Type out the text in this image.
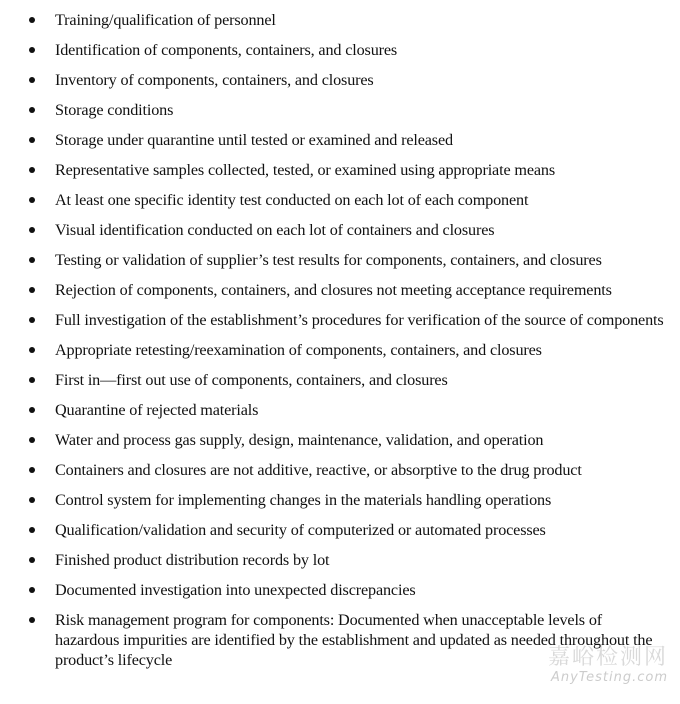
Training/qualification of personnel
Identification of components, containers, and closures
Inventory of components, containers, and closures
Storage conditions
Storage under quarantine until tested or examined and released
Representative samples collected, tested, or examined using appropriate means
At least one specific identity test conducted on each lot of each component
Visual identification conducted on each lot of containers and closures
Testing or validation of supplier’s test results for components, containers, and closures
Rejection of components, containers, and closures not meeting acceptance requirements
Full investigation of the establishment’s procedures for verification of the source of components
Appropriate retesting/reexamination of components, containers, and closures
First in—first out use of components, containers, and closures
Quarantine of rejected materials
Water and process gas supply, design, maintenance, validation, and operation
Containers and closures are not additive, reactive, or absorptive to the drug product
Control system for implementing changes in the materials handling operations
Qualification/validation and security of computerized or automated processes
Finished product distribution records by lot
Documented investigation into unexpected discrepancies
Risk management program for components: Documented when unacceptable levels of hazardous impurities are identified by the establishment and updated as needed throughout the product’s lifecycle	嘉峪检测网
AnyTesting.com
